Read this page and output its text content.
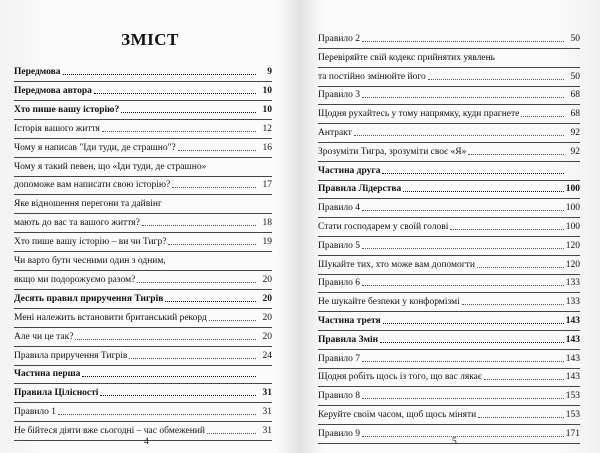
ЗМІСТ
Передмова	9
Передмова автора	10
Хто пише вашу історію?	10
Історія вашого життя	12
Чому я написав "Іди туди, де страшно"?	16
Чому я такий певен, що «Іди туди, де страшно»
допоможе вам написати свою історію?	17
Яке відношення перегони та дайвінг
мають до вас та вашого життя?	18
Хто пише вашу історію – ви чи Тигр?	19
Чи варто бути чесними один з одним,
якщо ми подорожуємо разом?	20
Десять правил приручення Тигрів	20
Мені належить встановити британський рекорд	20
Але чи це так?	20
Правила приручення Тигрів	24
Частина перша
Правила Цілісності	31
Правило 1	31
Не бійтеся діяти вже сьогодні – час обмежений	31
4
Правило 2	50
Перевіряйте свій кодекс прийнятих уявлень
та постійно змінюйте його	50
Правило 3	68
Щодня рухайтесь у тому напрямку, куди прагнете	68
Антракт	92
Зрозуміти Тигра, зрозуміти своє «Я»	92
Частина друга
Правила Лідерства	100
Правило 4	100
Стати господарем у своїй голові	100
Правило 5	120
Шукайте тих, хто може вам допомогти	120
Правило 6	133
Не шукайте безпеки у конформізмі	133
Частина третя	143
Правила Змін	143
Правило 7	143
Щодня робіть щось із того, що вас лякає	143
Правило 8	153
Керуйте своїм часом, щоб щось міняти	153
Правило 9	171
